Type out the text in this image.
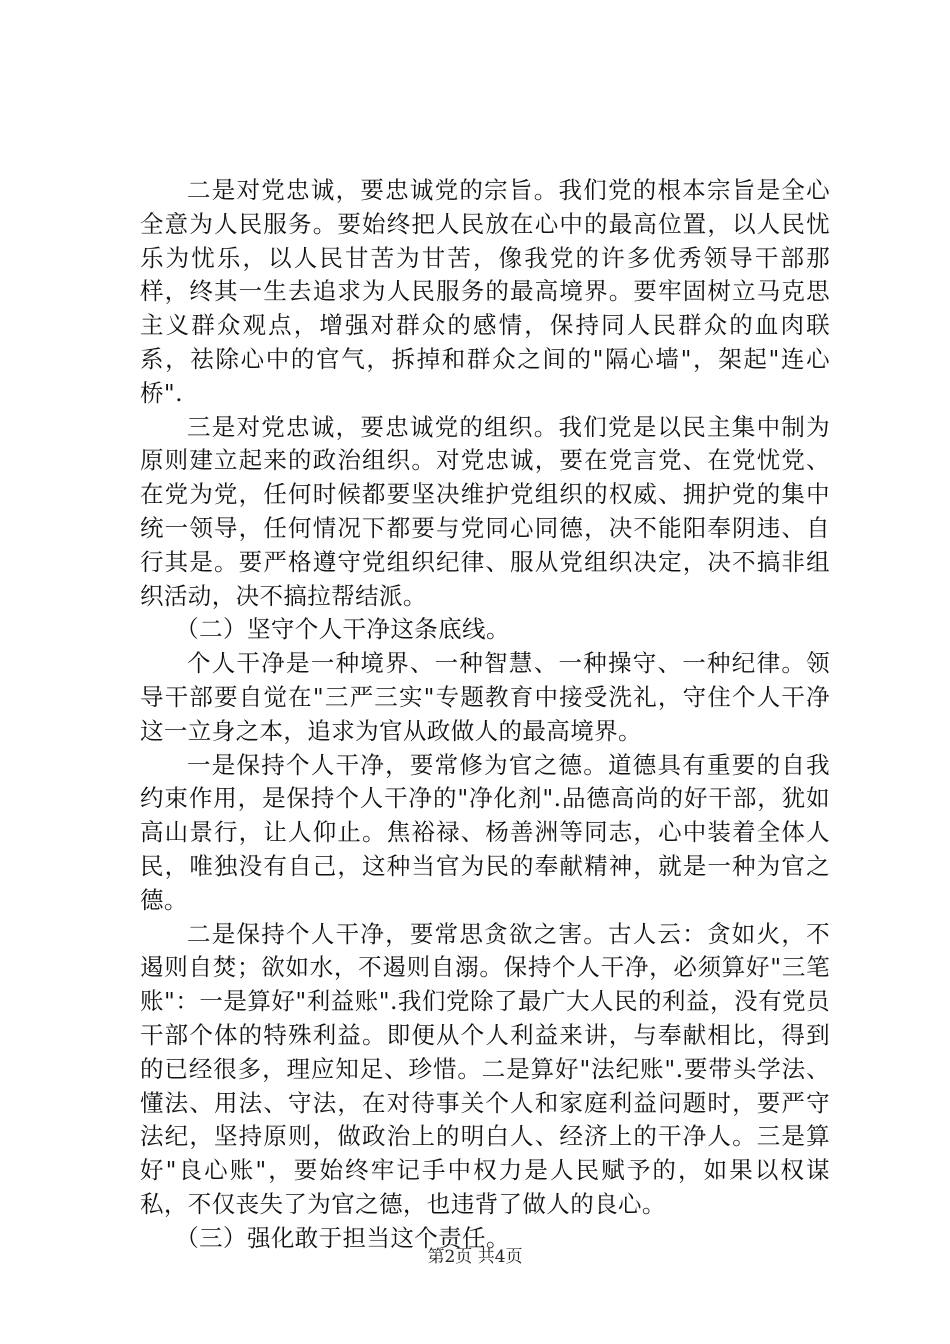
二是对党忠诚，要忠诚党的宗旨。我们党的根本宗旨是全心全意为人民服务。要始终把人民放在心中的最高位置，以人民忧乐为忧乐，以人民甘苦为甘苦，像我党的许多优秀领导干部那样，终其一生去追求为人民服务的最高境界。要牢固树立马克思主义群众观点，增强对群众的感情，保持同人民群众的血肉联系，祛除心中的官气，拆掉和群众之间的"隔心墙"，架起"连心桥".

三是对党忠诚，要忠诚党的组织。我们党是以民主集中制为原则建立起来的政治组织。对党忠诚，要在党言党、在党忧党、在党为党，任何时候都要坚决维护党组织的权威、拥护党的集中统一领导，任何情况下都要与党同心同德，决不能阳奉阴违、自行其是。要严格遵守党组织纪律、服从党组织决定，决不搞非组织活动，决不搞拉帮结派。

（二）坚守个人干净这条底线。

个人干净是一种境界、一种智慧、一种操守、一种纪律。领导干部要自觉在"三严三实"专题教育中接受洗礼，守住个人干净这一立身之本，追求为官从政做人的最高境界。

一是保持个人干净，要常修为官之德。道德具有重要的自我约束作用，是保持个人干净的"净化剂".品德高尚的好干部，犹如高山景行，让人仰止。焦裕禄、杨善洲等同志，心中装着全体人民，唯独没有自己，这种当官为民的奉献精神，就是一种为官之德。

二是保持个人干净，要常思贪欲之害。古人云：贪如火，不遏则自焚；欲如水，不遏则自溺。保持个人干净，必须算好"三笔账"：一是算好"利益账".我们党除了最广大人民的利益，没有党员干部个体的特殊利益。即便从个人利益来讲，与奉献相比，得到的已经很多，理应知足、珍惜。二是算好"法纪账".要带头学法、懂法、用法、守法，在对待事关个人和家庭利益问题时，要严守法纪，坚持原则，做政治上的明白人、经济上的干净人。三是算好"良心账"，要始终牢记手中权力是人民赋予的，如果以权谋私，不仅丧失了为官之德，也违背了做人的良心。

（三）强化敢于担当这个责任。

第2页 共4页
